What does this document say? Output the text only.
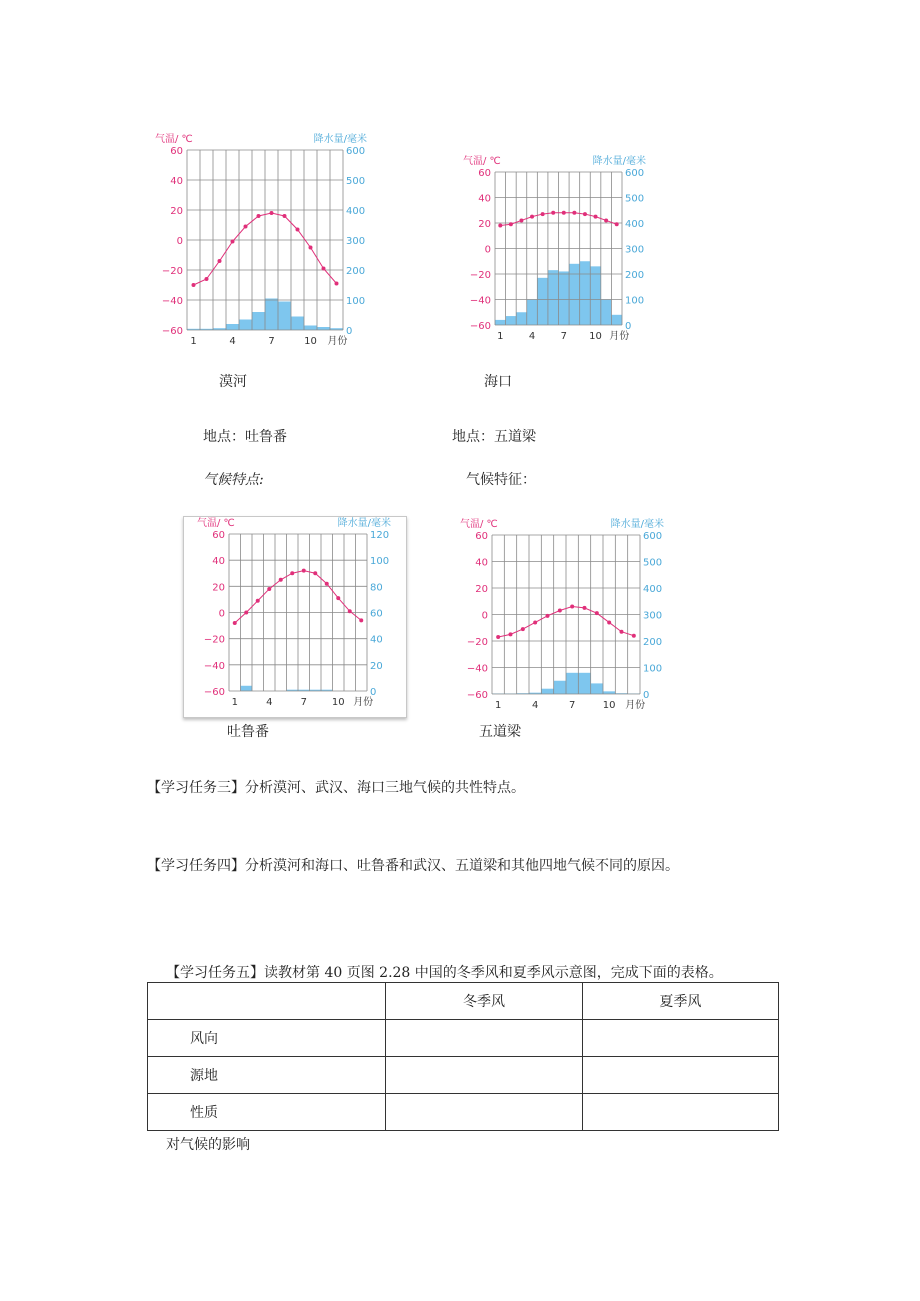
60
40
20
0
−20
−40
−60
600
500
400
300
200
100
0
1	4	7	10 月份
气温/ ℃	降水量/毫米
60
40
20
0
−20
−40
−60
600
500
400
300
200
100
0
1	4	7 10 月份
气温/ ℃	降水量/毫米
60
40
20
0
−20
−40
−60
120
100
80
60
40
20
0
1	4	7 10 月份
气温/ ℃	降水量/毫米
60
40
20
0
−20
−40
−60
600
500
400
300
200
100
0
1	4	7	10 月份
气温/ ℃	降水量/毫米
漠河	海口
地点：吐鲁番	地点：五道梁
气候特点:	气候特征：
吐鲁番	五道梁
【学习任务三】分析漠河、武汉、海口三地气候的共性特点。
【学习任务四】分析漠河和海口、吐鲁番和武汉、五道梁和其他四地气候不同的原因。
【学习任务五】读教材第 40 页图 2.28 中国的冬季风和夏季风示意图，完成下面的表格。
	冬季风	夏季风
风向		
源地		
性质		
对气候的影响
